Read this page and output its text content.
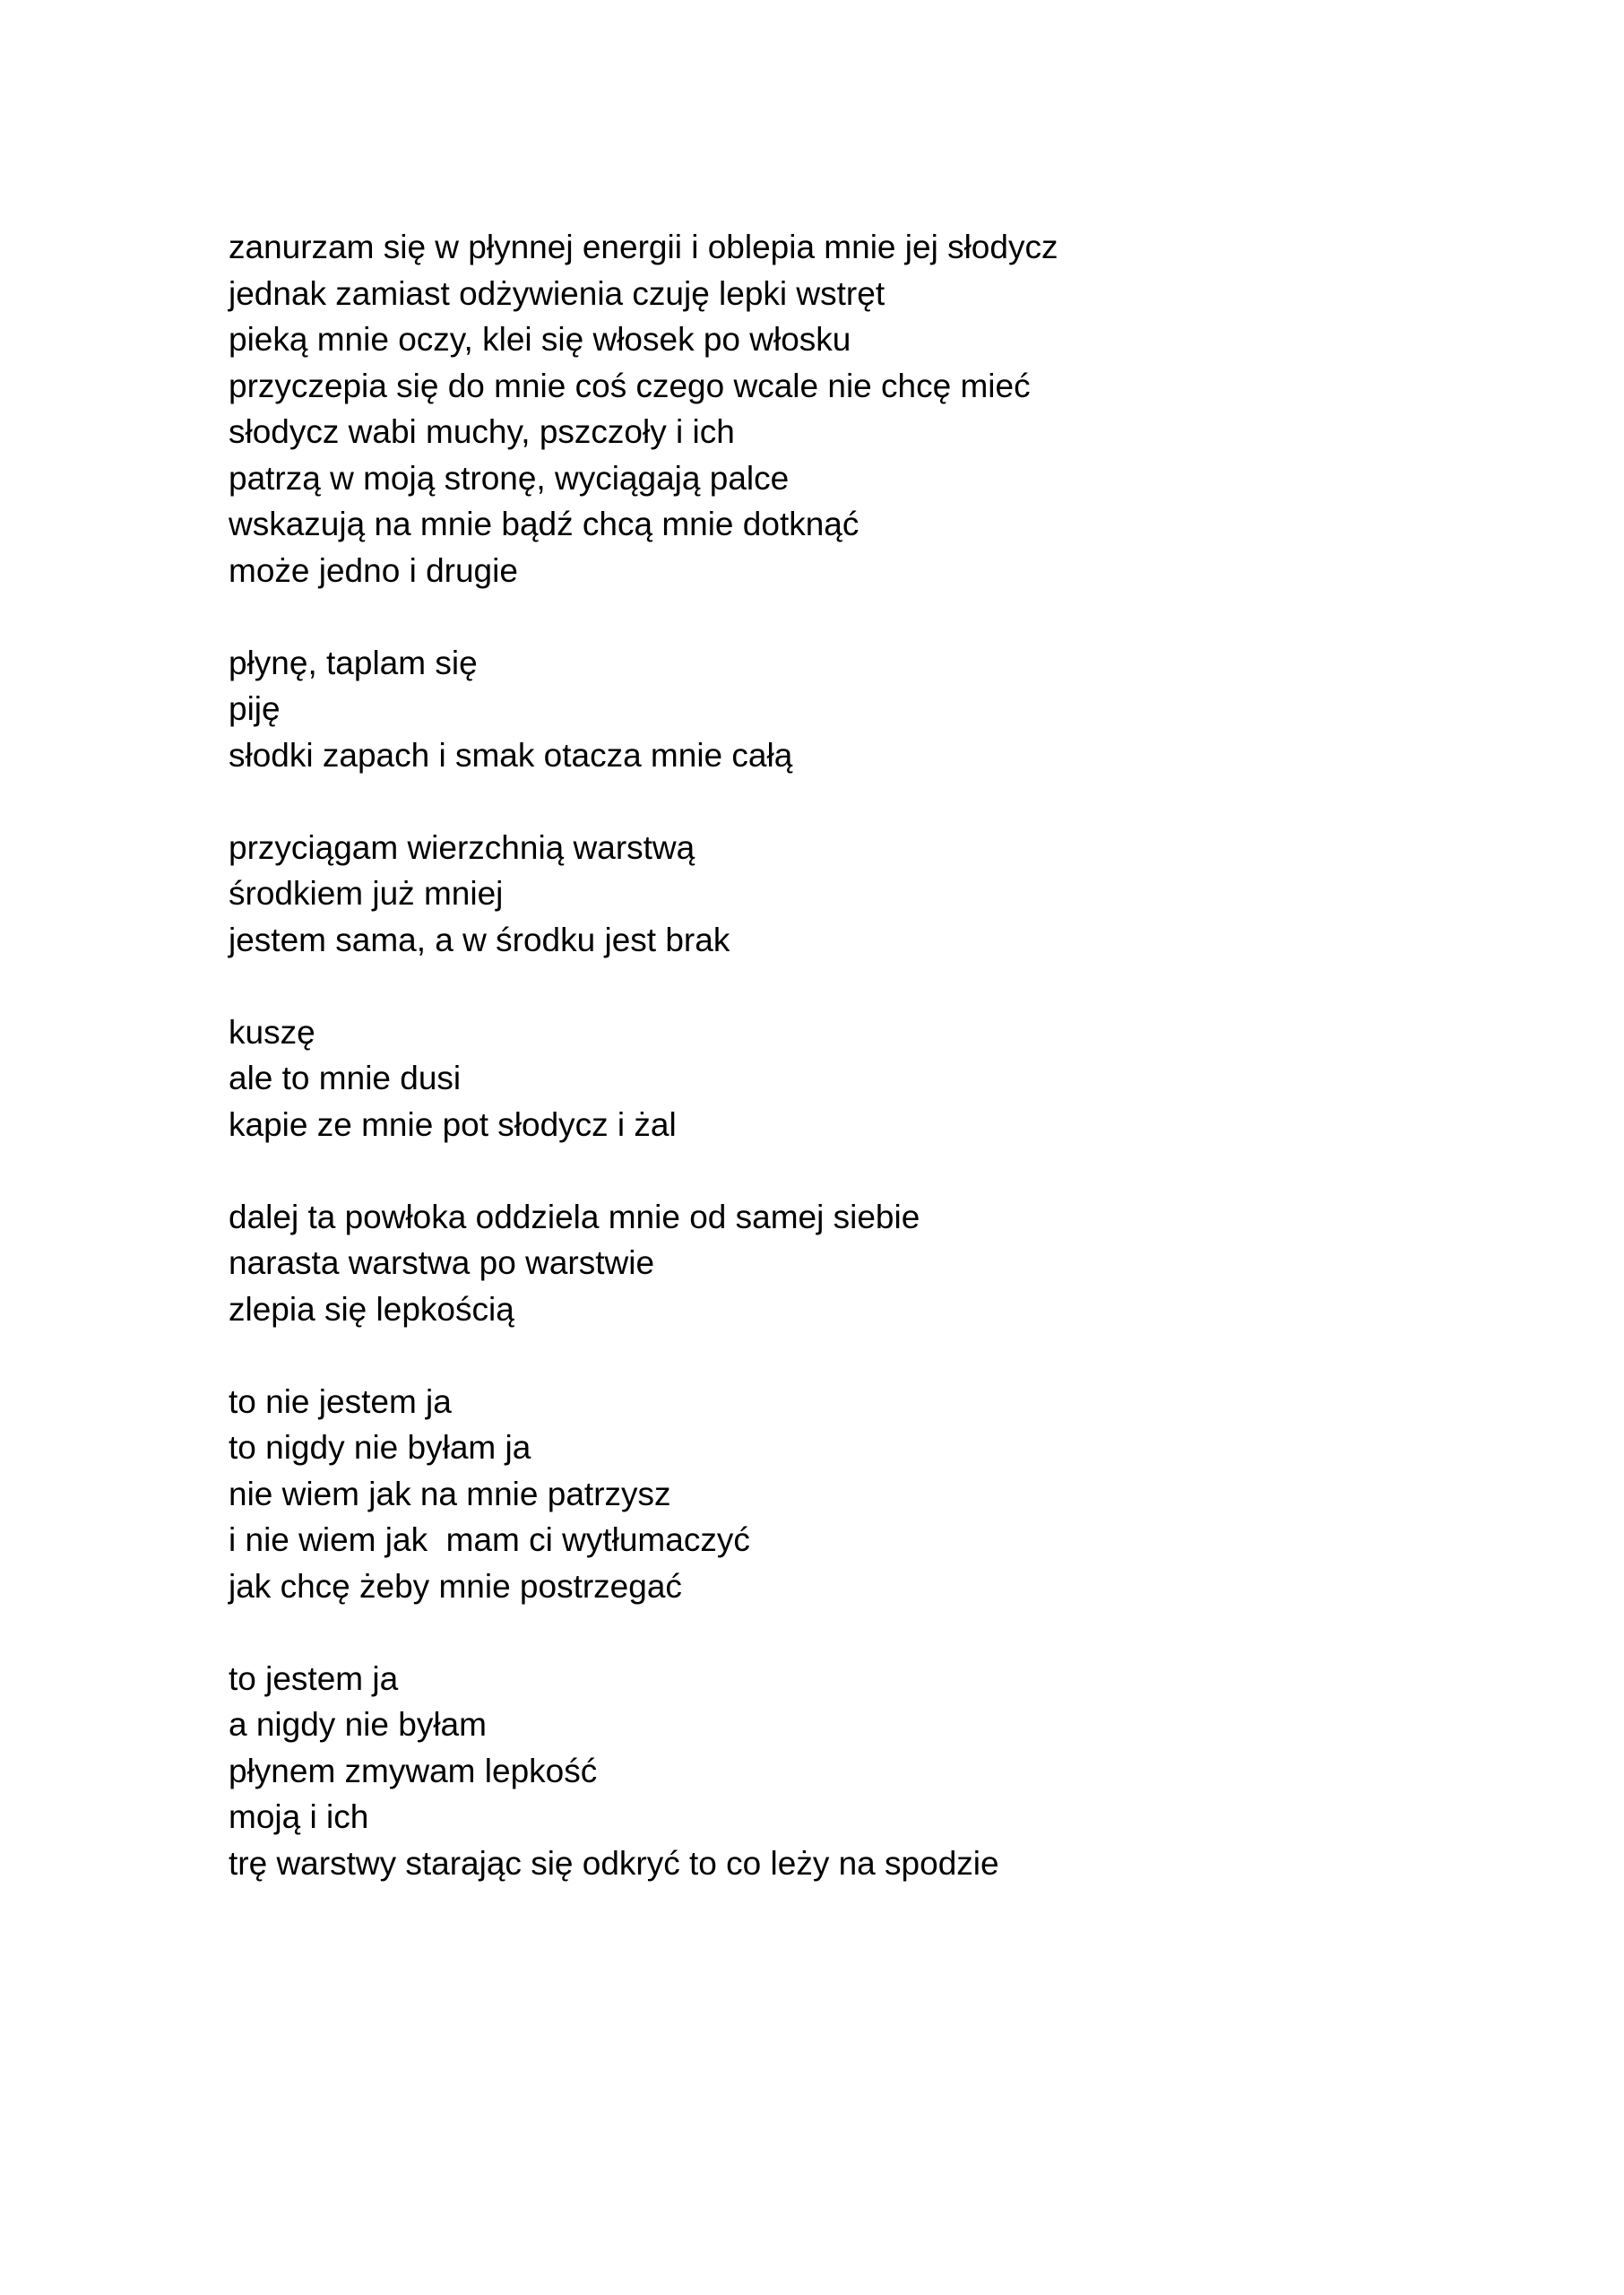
zanurzam się w płynnej energii i oblepia mnie jej słodycz
jednak zamiast odżywienia czuję lepki wstręt
pieką mnie oczy, klei się włosek po włosku
przyczepia się do mnie coś czego wcale nie chcę mieć
słodycz wabi muchy, pszczoły i ich
patrzą w moją stronę, wyciągają palce
wskazują na mnie bądź chcą mnie dotknąć
może jedno i drugie
płynę, taplam się
piję
słodki zapach i smak otacza mnie całą
przyciągam wierzchnią warstwą
środkiem już mniej
jestem sama, a w środku jest brak
kuszę
ale to mnie dusi
kapie ze mnie pot słodycz i żal
dalej ta powłoka oddziela mnie od samej siebie
narasta warstwa po warstwie
zlepia się lepkością
to nie jestem ja
to nigdy nie byłam ja
nie wiem jak na mnie patrzysz
i nie wiem jak  mam ci wytłumaczyć
jak chcę żeby mnie postrzegać
to jestem ja
a nigdy nie byłam
płynem zmywam lepkość
moją i ich
trę warstwy starając się odkryć to co leży na spodzie
